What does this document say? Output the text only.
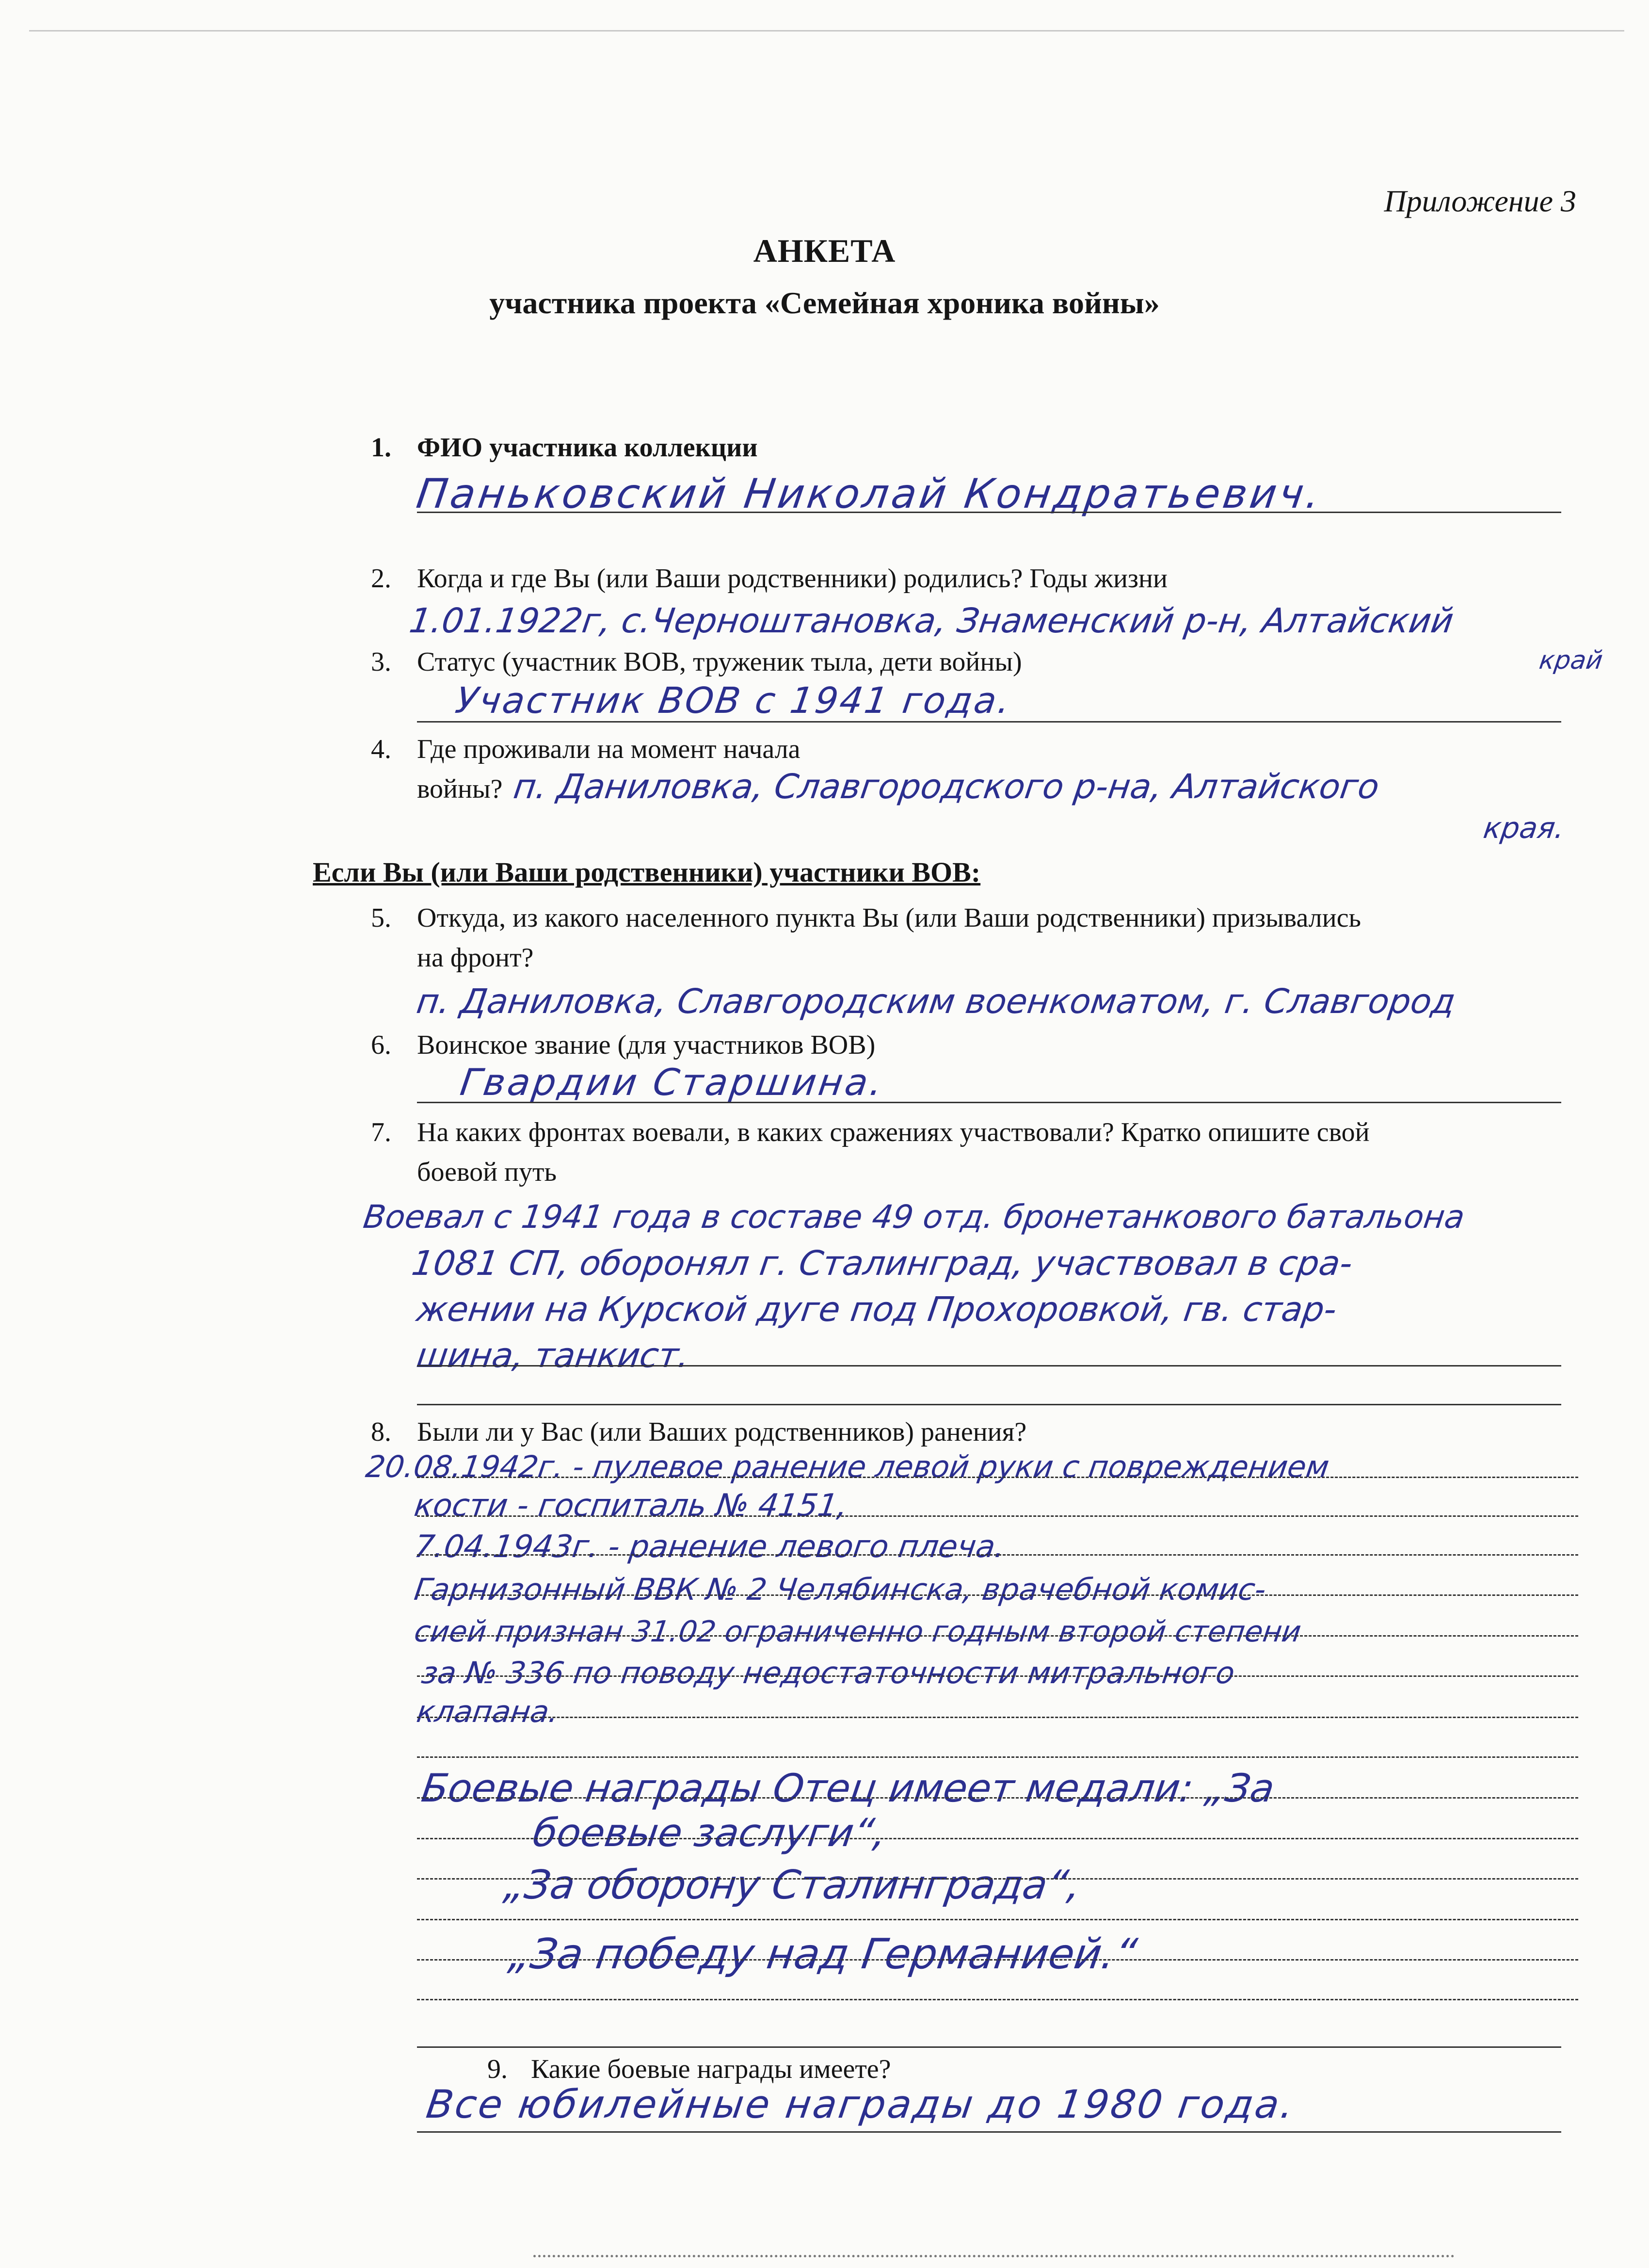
Приложение 3
АНКЕТА
участника проекта «Семейная хроника войны»
1. ФИО участника коллекции
Паньковский Николай Кондратьевич.
2. Когда и где Вы (или Ваши родственники) родились? Годы жизни
1.01.1922г, с.Черноштановка, Знаменский р-н, Алтайский
край
3. Статус (участник ВОВ, труженик тыла, дети войны)
Участник ВОВ с 1941 года.
4. Где проживали на момент начала
войны? п. Даниловка, Славгородского р-на, Алтайского
края.
Если Вы (или Ваши родственники) участники ВОВ:
5. Откуда, из какого населенного пункта Вы (или Ваши родственники) призывались
на фронт?
п. Даниловка, Славгородским военкоматом, г. Славгород
6. Воинское звание (для участников ВОВ)
Гвардии Старшина.
7. На каких фронтах воевали, в каких сражениях участвовали? Кратко опишите свой
боевой путь
Воевал с 1941 года в составе 49 отд. бронетанкового батальона
1081 СП, оборонял г. Сталинград, участвовал в сра-
жении на Курской дуге под Прохоровкой, гв. стар-
шина, танкист.
8. Были ли у Вас (или Ваших родственников) ранения?
20.08.1942г. - пулевое ранение левой руки с повреждением
кости - госпиталь № 4151,
7.04.1943г. - ранение левого плеча.
Гарнизонный ВВК № 2 Челябинска, врачебной комис-
сией признан 31.02 ограниченно годным второй степени
за № 336 по поводу недостаточности митрального
клапана.
Боевые награды Отец имеет медали: „За
боевые заслуги“,
„За оборону Сталинграда“,
„За победу над Германией.“
9. Какие боевые награды имеете?
Все юбилейные награды до 1980 года.
